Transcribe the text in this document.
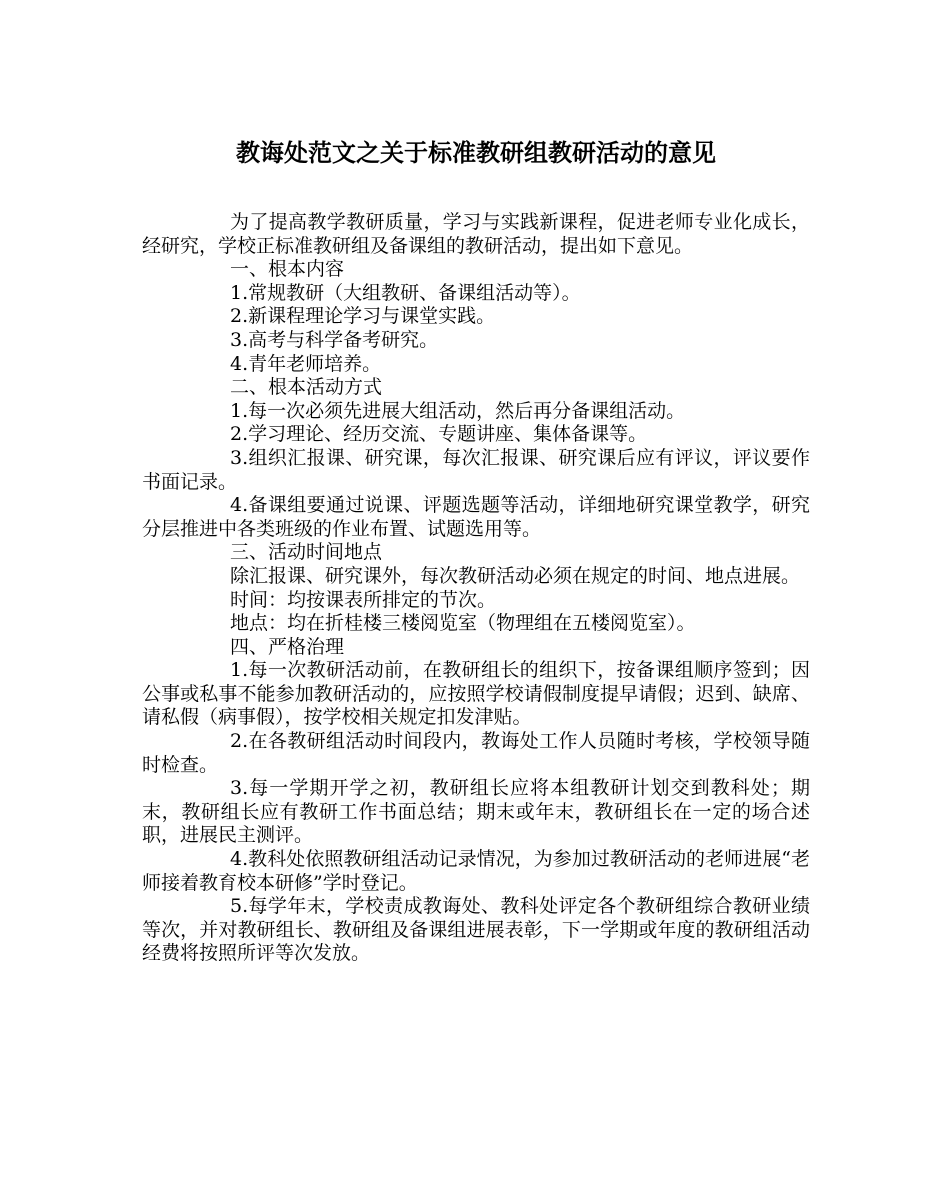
教诲处范文之关于标准教研组教研活动的意见

为了提高教学教研质量，学习与实践新课程，促进老师专业化成长，经研究，学校正标准教研组及备课组的教研活动，提出如下意见。

一、根本内容

1.常规教研（大组教研、备课组活动等）。

2.新课程理论学习与课堂实践。

3.高考与科学备考研究。

4.青年老师培养。

二、根本活动方式

1.每一次必须先进展大组活动，然后再分备课组活动。

2.学习理论、经历交流、专题讲座、集体备课等。

3.组织汇报课、研究课，每次汇报课、研究课后应有评议，评议要作书面记录。

4.备课组要通过说课、评题选题等活动，详细地研究课堂教学，研究分层推进中各类班级的作业布置、试题选用等。

三、活动时间地点

除汇报课、研究课外，每次教研活动必须在规定的时间、地点进展。

时间：均按课表所排定的节次。

地点：均在折桂楼三楼阅览室（物理组在五楼阅览室）。

四、严格治理

1.每一次教研活动前，在教研组长的组织下，按备课组顺序签到；因公事或私事不能参加教研活动的，应按照学校请假制度提早请假；迟到、缺席、请私假（病事假），按学校相关规定扣发津贴。

2.在各教研组活动时间段内，教诲处工作人员随时考核，学校领导随时检查。

3.每一学期开学之初，教研组长应将本组教研计划交到教科处；期末，教研组长应有教研工作书面总结；期末或年末，教研组长在一定的场合述职，进展民主测评。

4.教科处依照教研组活动记录情况，为参加过教研活动的老师进展“老师接着教育校本研修”学时登记。

5.每学年末，学校责成教诲处、教科处评定各个教研组综合教研业绩等次，并对教研组长、教研组及备课组进展表彰，下一学期或年度的教研组活动经费将按照所评等次发放。
